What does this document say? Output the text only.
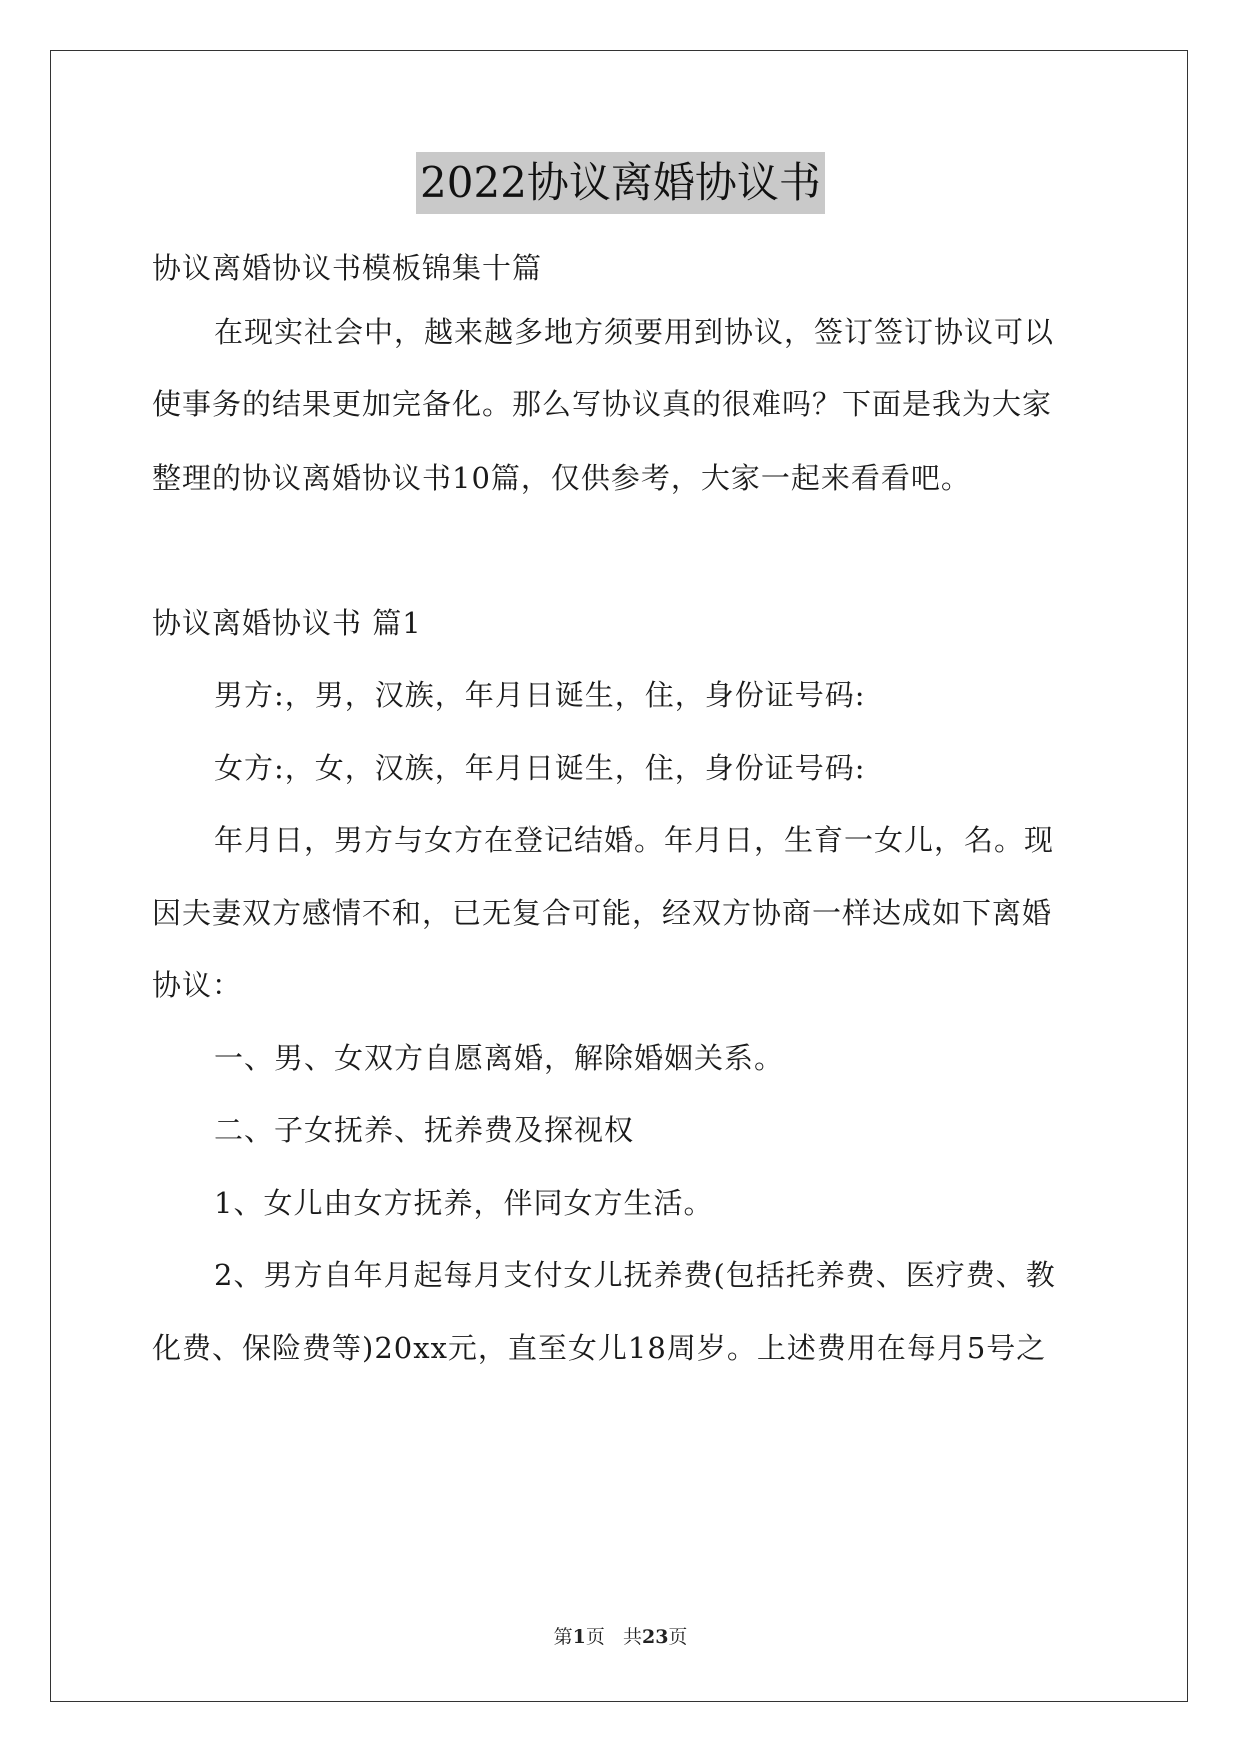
2022协议离婚协议书
协议离婚协议书模板锦集十篇
在现实社会中，越来越多地方须要用到协议，签订签订协议可以
使事务的结果更加完备化。那么写协议真的很难吗？下面是我为大家
整理的协议离婚协议书10篇，仅供参考，大家一起来看看吧。
协议离婚协议书 篇1
男方:，男，汉族，年月日诞生，住，身份证号码:
女方:，女，汉族，年月日诞生，住，身份证号码:
年月日，男方与女方在登记结婚。年月日，生育一女儿，名。现
因夫妻双方感情不和，已无复合可能，经双方协商一样达成如下离婚
协议：
一、男、女双方自愿离婚，解除婚姻关系。
二、子女抚养、抚养费及探视权
1、女儿由女方抚养，伴同女方生活。
2、男方自年月起每月支付女儿抚养费(包括托养费、医疗费、教
化费、保险费等)20xx元，直至女儿18周岁。上述费用在每月5号之
第1页 共23页
